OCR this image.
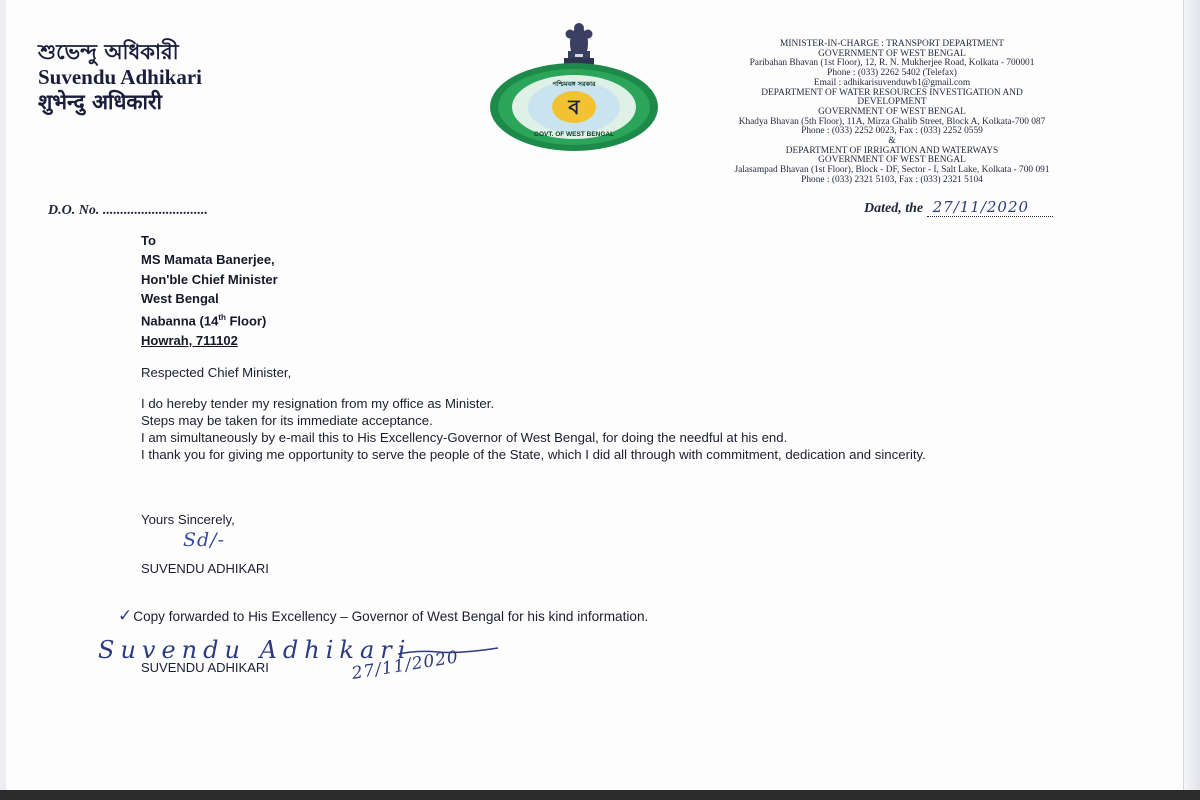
শুভেন্দু অধিকারী
Suvendu Adhikari
शुभेन्दु अधिकारी	ব
পশ্চিমবঙ্গ সরকার
GOVT. OF WEST BENGAL
MINISTER-IN-CHARGE : TRANSPORT DEPARTMENT
GOVERNMENT OF WEST BENGAL
Paribahan Bhavan (1st Floor), 12, R. N. Mukherjee Road, Kolkata - 700001
Phone : (033) 2262 5402 (Telefax)
Email : adhikarisuvenduwb1@gmail.com
DEPARTMENT OF WATER RESOURCES INVESTIGATION AND
DEVELOPMENT
GOVERNMENT OF WEST BENGAL
Khadya Bhavan (5th Floor), 11A, Mirza Ghalib Street, Block A, Kolkata-700 087
Phone : (033) 2252 0023, Fax : (033) 2252 0559
&
DEPARTMENT OF IRRIGATION AND WATERWAYS
GOVERNMENT OF WEST BENGAL
Jalasampad Bhavan (1st Floor), Block - DF, Sector - I, Salt Lake, Kolkata - 700 091
Phone : (033) 2321 5103, Fax : (033) 2321 5104
D.O. No. ..............................	Dated, the 27/11/2020
To
MS Mamata Banerjee,
Hon'ble Chief Minister
West Bengal
Nabanna (14th Floor)
Howrah, 711102
Respected Chief Minister,
I do hereby tender my resignation from my office as Minister.
Steps may be taken for its immediate acceptance.
I am simultaneously by e-mail this to His Excellency-Governor of West Bengal, for doing the needful at his end.
I thank you for giving me opportunity to serve the people of the State, which I did all through with commitment, dedication and sincerity.
Yours Sincerely,
Sd/-
SUVENDU ADHIKARI
✓Copy forwarded to His Excellency – Governor of West Bengal for his kind information.
Suvendu Adhikari
SUVENDU ADHIKARI	27/11/2020
